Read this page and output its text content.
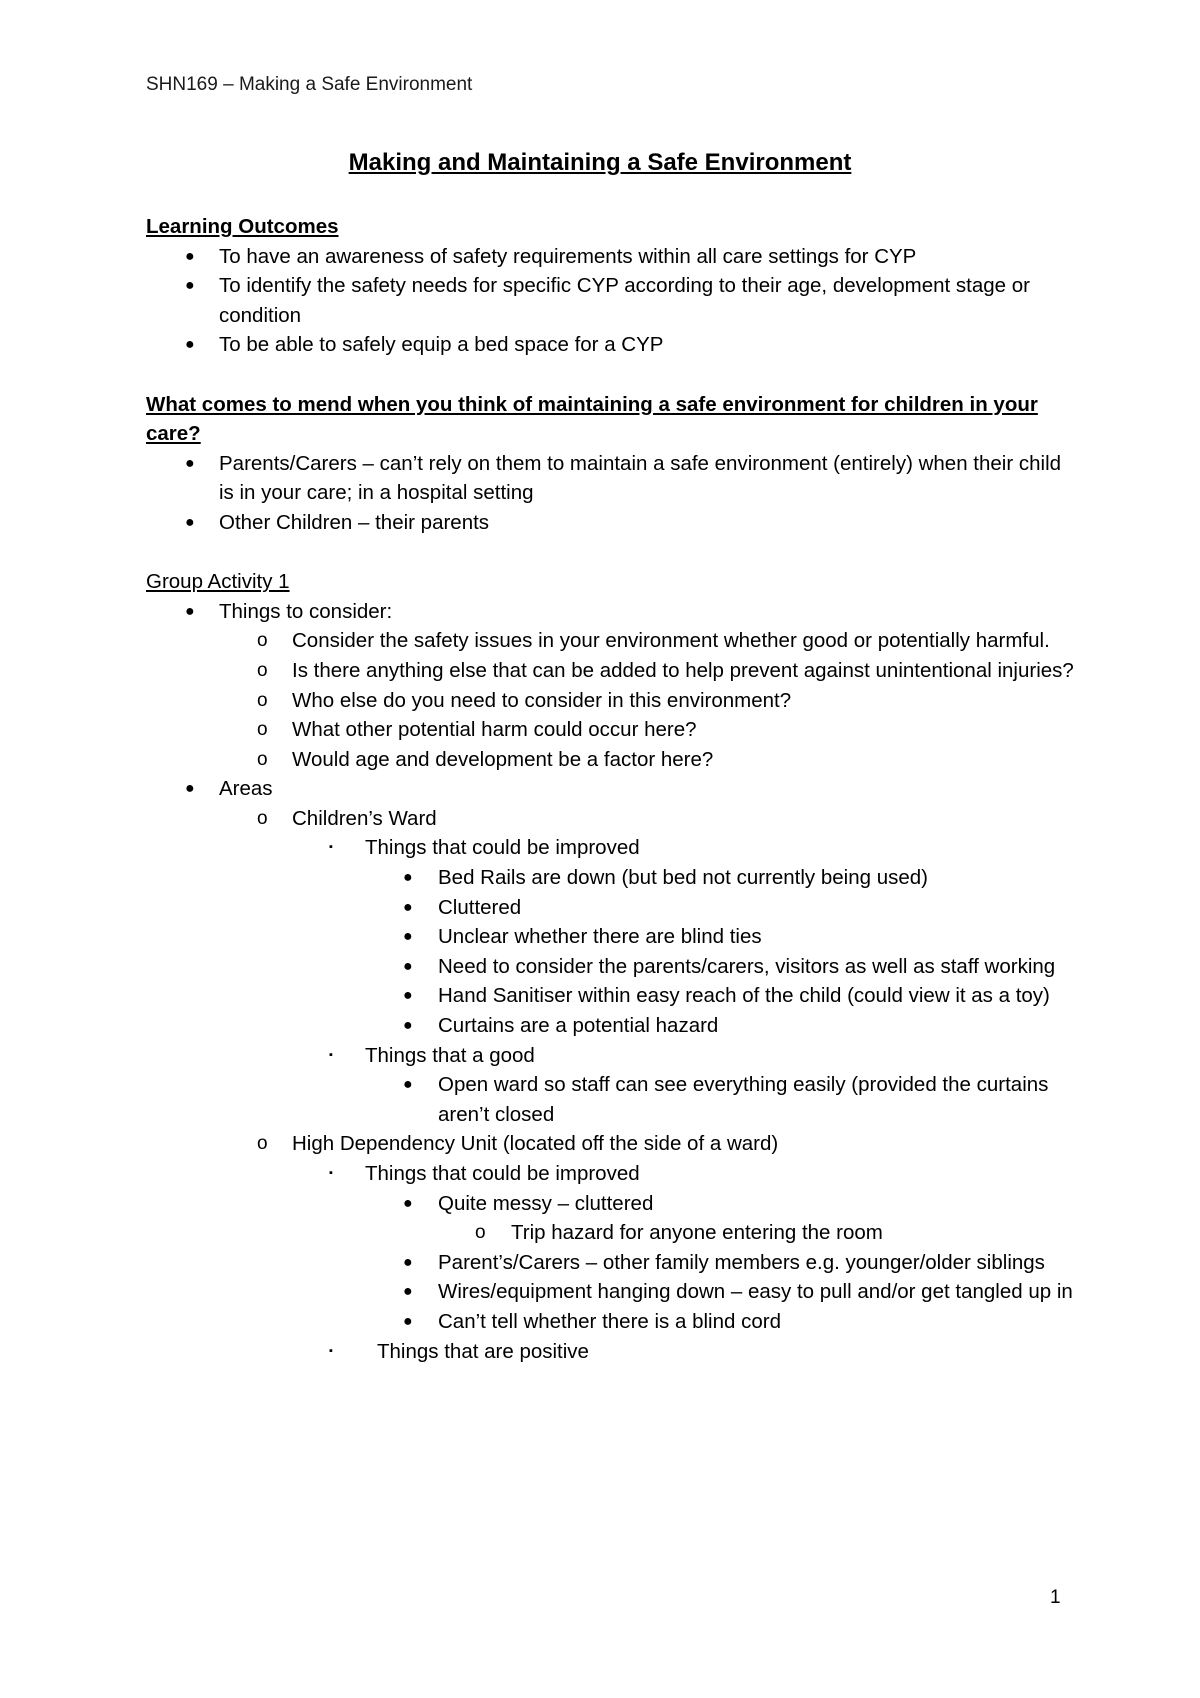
SHN169 – Making a Safe Environment
Making and Maintaining a Safe Environment
Learning Outcomes
● To have an awareness of safety requirements within all care settings for CYP
● To identify the safety needs for specific CYP according to their age, development stage or condition
● To be able to safely equip a bed space for a CYP
What comes to mend when you think of maintaining a safe environment for children in your care?
● Parents/Carers – can’t rely on them to maintain a safe environment (entirely) when their child is in your care; in a hospital setting
● Other Children – their parents
Group Activity 1
● Things to consider:
o Consider the safety issues in your environment whether good or potentially harmful.
o Is there anything else that can be added to help prevent against unintentional injuries?
o Who else do you need to consider in this environment?
o What other potential harm could occur here?
o Would age and development be a factor here?
● Areas
o Children’s Ward
▪ Things that could be improved
● Bed Rails are down (but bed not currently being used)
● Cluttered
● Unclear whether there are blind ties
● Need to consider the parents/carers, visitors as well as staff working
● Hand Sanitiser within easy reach of the child (could view it as a toy)
● Curtains are a potential hazard
▪ Things that a good
● Open ward so staff can see everything easily (provided the curtains aren’t closed
o High Dependency Unit (located off the side of a ward)
▪ Things that could be improved
● Quite messy – cluttered
o Trip hazard for anyone entering the room
● Parent’s/Carers – other family members e.g. younger/older siblings
● Wires/equipment hanging down – easy to pull and/or get tangled up in
● Can’t tell whether there is a blind cord
▪ Things that are positive
1
